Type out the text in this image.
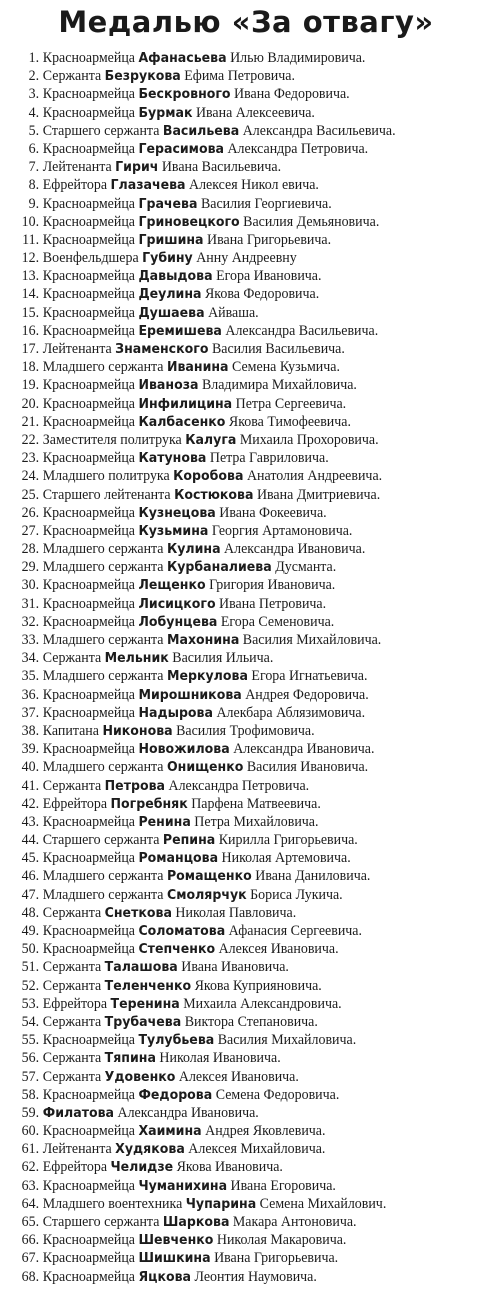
Медалью «За отвагу»
1. Красноармейца Афанасьева Илью Владимировича.
2. Сержанта Безрукова Ефима Петровича.
3. Красноармейца Бескровного Ивана Федоровича.
4. Красноармейца Бурмак Ивана Алексеевича.
5. Старшего сержанта Васильева Александра Васильевича.
6. Красноармейца Герасимова Александра Петровича.
7. Лейтенанта Гирич Ивана Васильевича.
8. Ефрейтора Глазачева Алексея Никол евича.
9. Красноармейца Грачева Василия Георгиевича.
10. Красноармейца Гриновецкого Василия Демьяновича.
11. Красноармейца Гришина Ивана Григорьевича.
12. Военфельдшера Губину Анну Андреевну
13. Красноармейца Давыдова Егора Ивановича.
14. Красноармейца Деулина Якова Федоровича.
15. Красноармейца Душаева Айваша.
16. Красноармейца Еремишева Александра Васильевича.
17. Лейтенанта Знаменского Василия Васильевича.
18. Младшего сержанта Иванина Семена Кузьмича.
19. Красноармейца Иваноза Владимира Михайловича.
20. Красноармейца Инфилицина Петра Сергеевича.
21. Красноармейца Калбасенко Якова Тимофеевича.
22. Заместителя политрука Калуга Михаила Прохоровича.
23. Красноармейца Катунова Петра Гавриловича.
24. Младшего политрука Коробова Анатолия Андреевича.
25. Старшего лейтенанта Костюкова Ивана Дмитриевича.
26. Красноармейца Кузнецова Ивана Фокеевича.
27. Красноармейца Кузьмина Георгия Артамоновича.
28. Младшего сержанта Кулина Александра Ивановича.
29. Младшего сержанта Курбаналиева Дусманта.
30. Красноармейца Лещенко Григория Ивановича.
31. Красноармейца Лисицкого Ивана Петровича.
32. Красноармейца Лобунцева Егора Семеновича.
33. Младшего сержанта Махонина Василия Михайловича.
34. Сержанта Мельник Василия Ильича.
35. Младшего сержанта Меркулова Егора Игнатьевича.
36. Красноармейца Мирошникова Андрея Федоровича.
37. Красноармейца Надырова Алекбара Аблязимовича.
38. Капитана Никонова Василия Трофимовича.
39. Красноармейца Новожилова Александра Ивановича.
40. Младшего сержанта Онищенко Василия Ивановича.
41. Сержанта Петрова Александра Петровича.
42. Ефрейтора Погребняк Парфена Матвеевича.
43. Красноармейца Ренина Петра Михайловича.
44. Старшего сержанта Репина Кирилла Григорьевича.
45. Красноармейца Романцова Николая Артемовича.
46. Младшего сержанта Ромащенко Ивана Даниловича.
47. Младшего сержанта Смолярчук Бориса Лукича.
48. Сержанта Снеткова Николая Павловича.
49. Красноармейца Соломатова Афанасия Сергеевича.
50. Красноармейца Степченко Алексея Ивановича.
51. Сержанта Талашова Ивана Ивановича.
52. Сержанта Теленченко Якова Куприяновича.
53. Ефрейтора Теренина Михаила Александровича.
54. Сержанта Трубачева Виктора Степановича.
55. Красноармейца Тулубьева Василия Михайловича.
56. Сержанта Тяпина Николая Ивановича.
57. Сержанта Удовенко Алексея Ивановича.
58. Красноармейца Федорова Семена Федоровича.
59. Филатова Александра Ивановича.
60. Красноармейца Хаимина Андрея Яковлевича.
61. Лейтенанта Худякова Алексея Михайловича.
62. Ефрейтора Челидзе Якова Ивановича.
63. Красноармейца Чуманихина Ивана Егоровича.
64. Младшего воентехника Чупарина Семена Михайлович.
65. Старшего сержанта Шаркова Макара Антоновича.
66. Красноармейца Шевченко Николая Макаровича.
67. Красноармейца Шишкина Ивана Григорьевича.
68. Красноармейца Яцкова Леонтия Наумовича.
